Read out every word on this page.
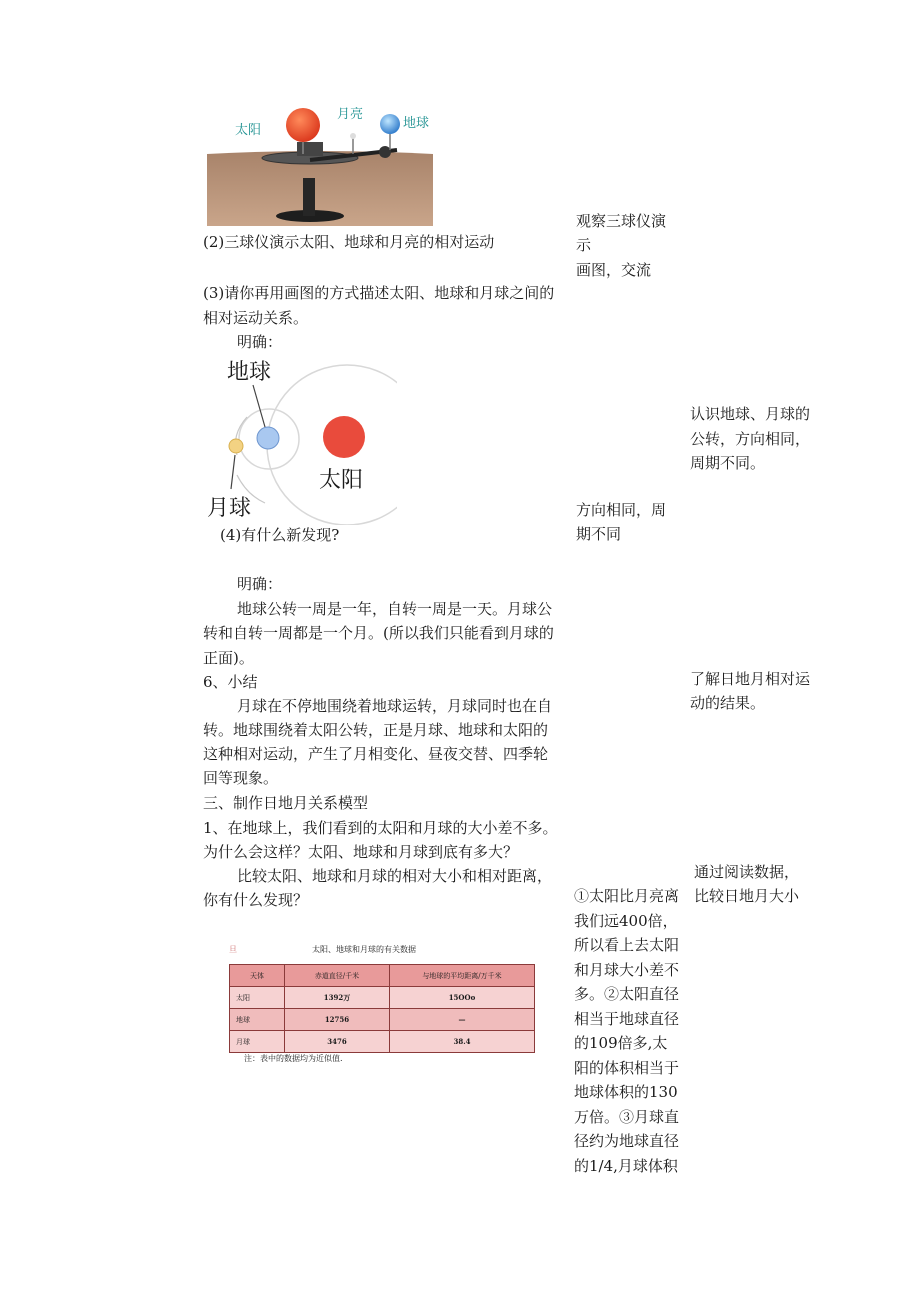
太阳
月亮
地球
(2)三球仪演示太阳、地球和月亮的相对运动
(3)请你再用画图的方式描述太阳、地球和月球之间的
相对运动关系。
明确：
地球
月球
太阳
(4)有什么新发现?
明确：
地球公转一周是一年，自转一周是一天。月球公
转和自转一周都是一个月。(所以我们只能看到月球的
正面)。
6、小结
月球在不停地围绕着地球运转，月球同时也在自
转。地球围绕着太阳公转，正是月球、地球和太阳的
这种相对运动，产生了月相变化、昼夜交替、四季轮
回等现象。
三、制作日地月关系模型
1、在地球上，我们看到的太阳和月球的大小差不多。
为什么会这样？太阳、地球和月球到底有多大？
比较太阳、地球和月球的相对大小和相对距离，
你有什么发现？
旦	太阳、地球和月球的有关数据
天体	赤道直径/千米	与地球的平均距离/万千米
太阳	1392万	15OOo
地球	12756	—
月球	3476	38.4
注：表中的数据均为近似值.
观察三球仪演
示
画图，交流
方向相同，周
期不同
①太阳比月亮离我们远400倍，所以看上去太阳和月球大小差不多。②太阳直径相当于地球直径的109倍多,太阳的体积相当于地球体积的130万倍。③月球直径约为地球直径的1/4,月球体积
认识地球、月球的
公转，方向相同，
周期不同。
了解日地月相对运
动的结果。
通过阅读数据，
比较日地月大小
